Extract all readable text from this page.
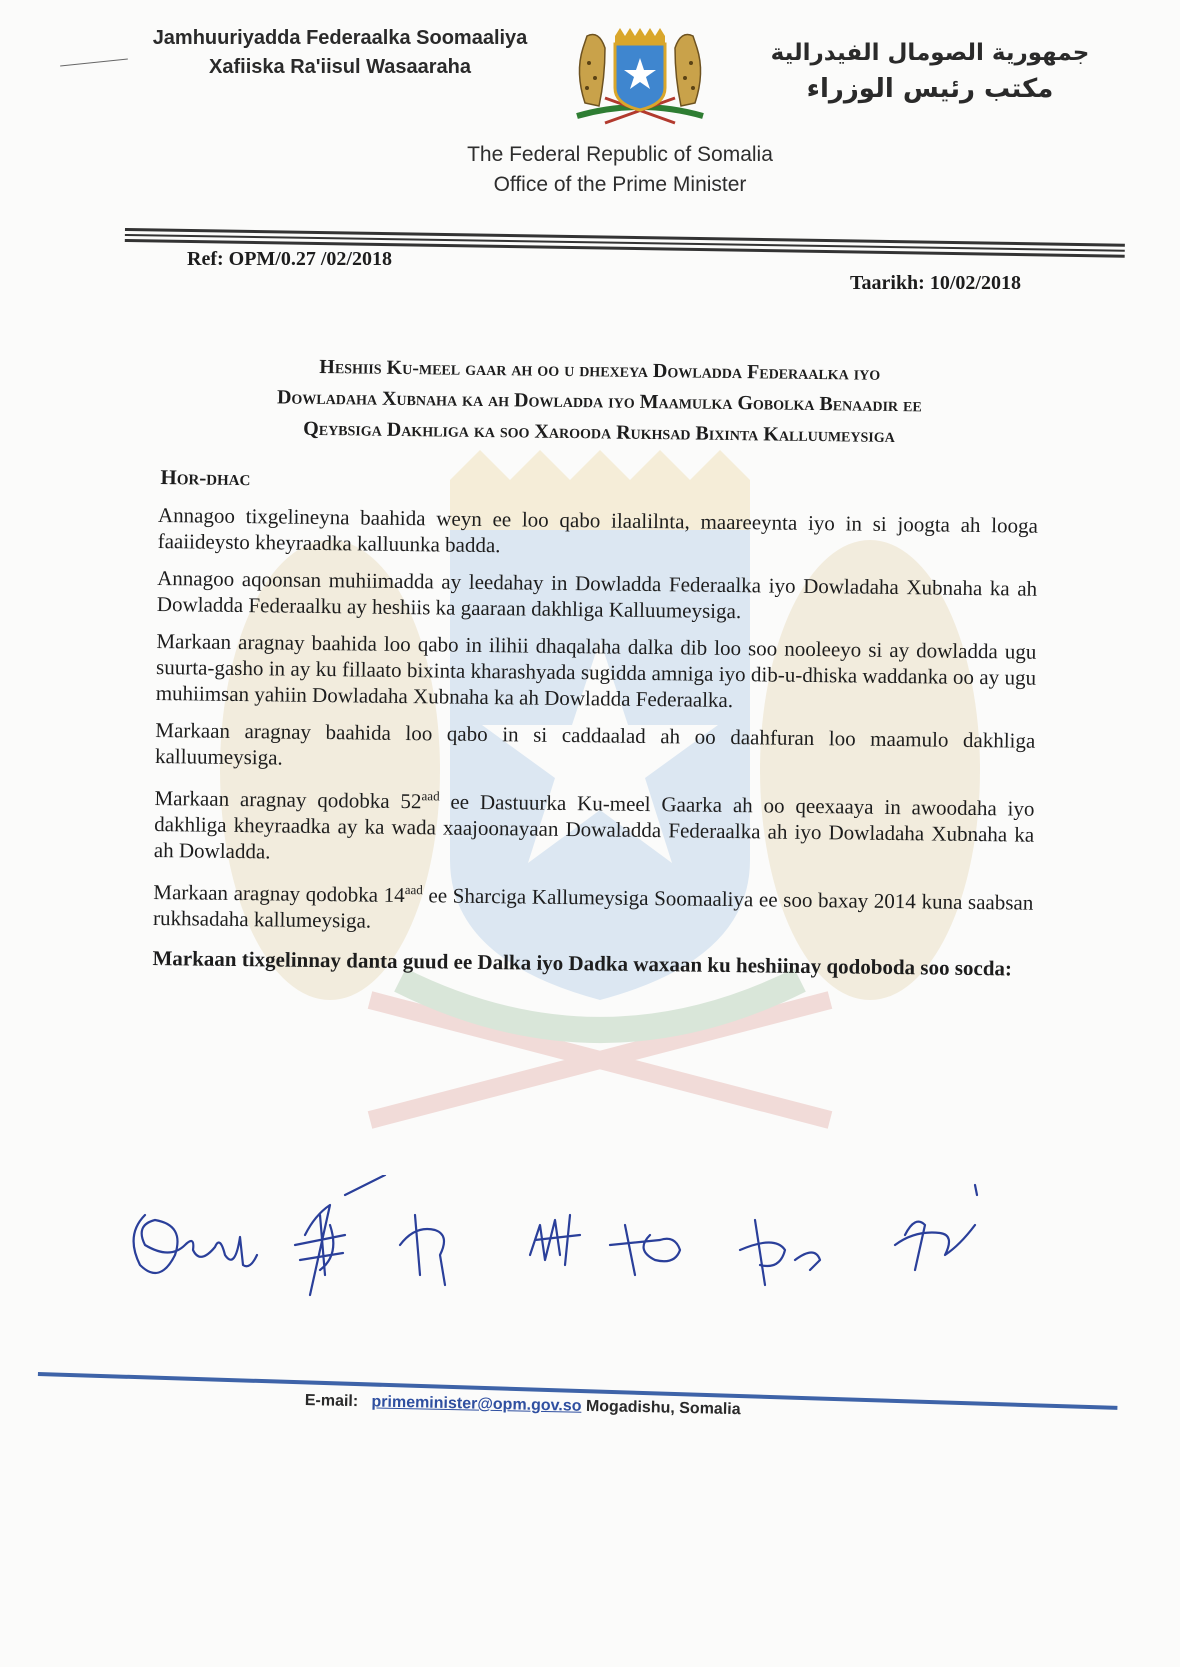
Jamhuuriyadda Federaalka Soomaaliya
Xafiiska Ra'iisul Wasaaraha
جمهورية الصومال الفيدرالية
مكتب رئيس الوزراء
The Federal Republic of Somalia
Office of the Prime Minister
Ref: OPM/0.27 /02/2018
Taarikh: 10/02/2018
Heshiis Ku-meel gaar ah oo u dhexeya Dowladda Federaalka iyo
Dowladaha Xubnaha ka ah Dowladda iyo Maamulka Gobolka Benaadir ee
Qeybsiga Dakhliga ka soo Xarooda Rukhsad Bixinta Kalluumeysiga
Hor-dhac

Annagoo tixgelineyna baahida weyn ee loo qabo ilaalilnta, maareeynta iyo in si joogta ah looga faaiideysto kheyraadka kalluunka badda.

Annagoo aqoonsan muhiimadda ay leedahay in Dowladda Federaalka iyo Dowladaha Xubnaha ka ah Dowladda Federaalku ay heshiis ka gaaraan dakhliga Kalluumeysiga.

Markaan aragnay baahida loo qabo in ilihii dhaqalaha dalka dib loo soo nooleeyo si ay dowladda ugu suurta-gasho in ay ku fillaato bixinta kharashyada sugidda amniga iyo dib-u-dhiska waddanka oo ay ugu muhiimsan yahiin Dowladaha Xubnaha ka ah Dowladda Federaalka.

Markaan aragnay baahida loo qabo in si caddaalad ah oo daahfuran loo maamulo dakhliga kalluumeysiga.

Markaan aragnay qodobka $52^{aad}$ ee Dastuurka Ku-meel Gaarka ah oo qeexaaya in awoodaha iyo dakhliga kheyraadka ay ka wada xaajoonayaan Dowaladda Federaalka ah iyo Dowladaha Xubnaha ka ah Dowladda.

Markaan aragnay qodobka $14^{aad}$ ee Sharciga Kallumeysiga Soomaaliya ee soo baxay 2014 kuna saabsan rukhsadaha kallumeysiga.

Markaan tixgelinnay danta guud ee Dalka iyo Dadka waxaan ku heshiinay qodoboda soo socda:

E-mail: primeminister@opm.gov.so Mogadishu, Somalia
